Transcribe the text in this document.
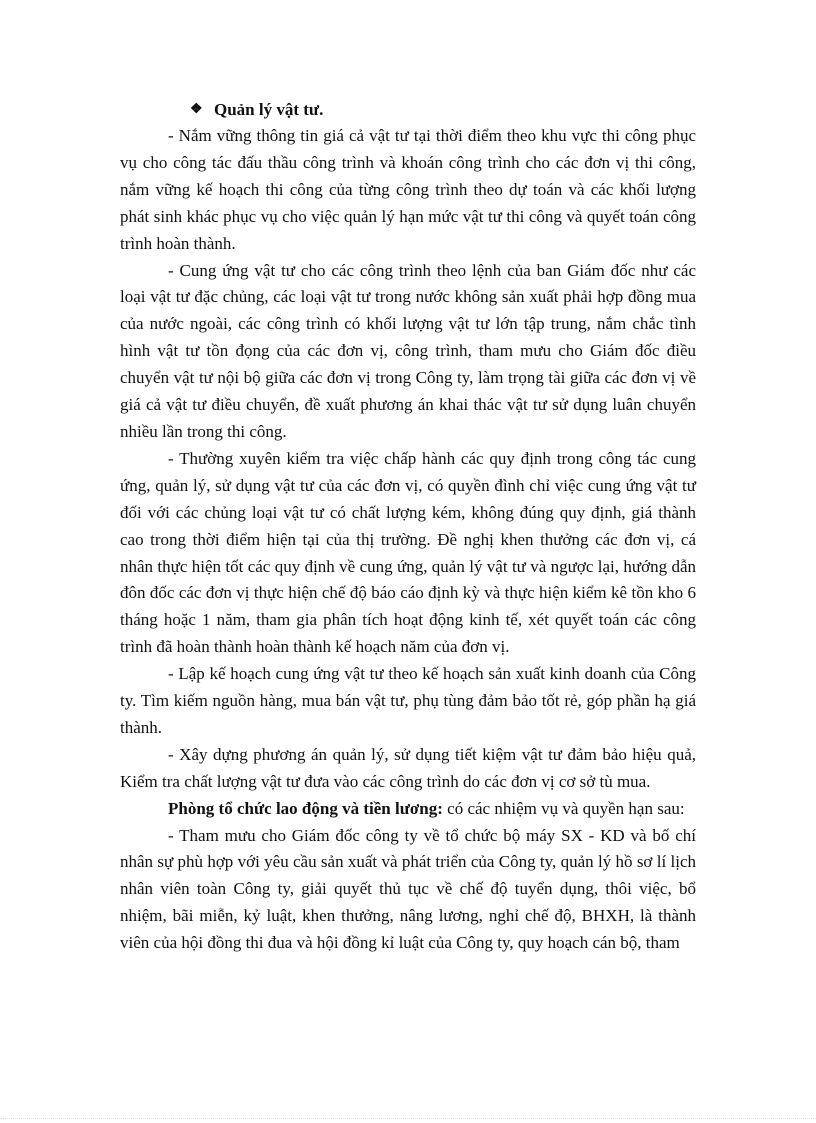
❖ Quản lý vật tư.

- Nắm vững thông tin giá cả vật tư tại thời điểm theo khu vực thi công phục vụ cho công tác đấu thầu công trình và khoán công trình cho các đơn vị thi công, nắm vững kế hoạch thi công của từng công trình theo dự toán và các khối lượng phát sinh khác phục vụ cho việc quản lý hạn mức vật tư thi công và quyết toán công trình hoàn thành.

- Cung ứng vật tư cho các công trình theo lệnh của ban Giám đốc như các loại vật tư đặc chủng, các loại vật tư trong nước không sản xuất phải hợp đồng mua của nước ngoài, các công trình có khối lượng vật tư lớn tập trung, nắm chắc tình hình vật tư tồn đọng của các đơn vị, công trình, tham mưu cho Giám đốc điều chuyển vật tư nội bộ giữa các đơn vị trong Công ty, làm trọng tài giữa các đơn vị về giá cả vật tư điều chuyển, đề xuất phương án khai thác vật tư sử dụng luân chuyển nhiều lần trong thi công.

- Thường xuyên kiểm tra việc chấp hành các quy định trong công tác cung ứng, quản lý, sử dụng vật tư của các đơn vị, có quyền đình chỉ việc cung ứng vật tư đối với các chủng loại vật tư có chất lượng kém, không đúng quy định, giá thành cao trong thời điểm hiện tại của thị trường. Đề nghị khen thưởng các đơn vị, cá nhân thực hiện tốt các quy định về cung ứng, quản lý vật tư và ngược lại, hướng dẫn đôn đốc các đơn vị thực hiện chế độ báo cáo định kỳ và thực hiện kiểm kê tồn kho 6 tháng hoặc 1 năm, tham gia phân tích hoạt động kinh tế, xét quyết toán các công trình đã hoàn thành hoàn thành kế hoạch năm của đơn vị.

- Lập kế hoạch cung ứng vật tư theo kế hoạch sản xuất kinh doanh của Công ty. Tìm kiếm nguồn hàng, mua bán vật tư, phụ tùng đảm bảo tốt rẻ, góp phần hạ giá thành.

- Xây dựng phương án quản lý, sử dụng tiết kiệm vật tư đảm bảo hiệu quả, Kiểm tra chất lượng vật tư đưa vào các công trình do các đơn vị cơ sở tù mua.

Phòng tổ chức lao động và tiền lương: có các nhiệm vụ và quyền hạn sau:

- Tham mưu cho Giám đốc công ty về tổ chức bộ máy SX - KD và bố chí nhân sự phù hợp với yêu cầu sản xuất và phát triển của Công ty, quản lý hồ sơ lí lịch nhân viên toàn Công ty, giải quyết thủ tục về chế độ tuyển dụng, thôi việc, bổ nhiệm, bãi miễn, kỷ luật, khen thưởng, nâng lương, nghỉ chế độ, BHXH, là thành viên của hội đồng thi đua và hội đồng kỉ luật của Công ty, quy hoạch cán bộ, tham
